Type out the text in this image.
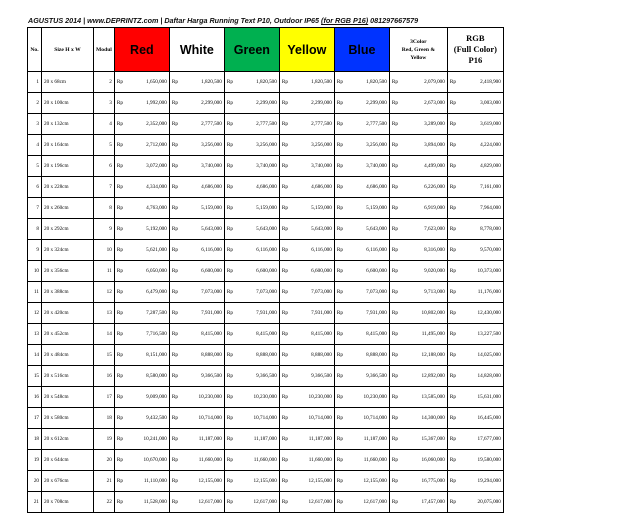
AGUSTUS 2014 | www.DEPRINTZ.com | Daftar Harga Running Text P10, Outdoor IP65 (for RGB P16) 081297667579
No.	Size H x W	Modul	Red		White		Green		Yellow		Blue		3Color
Red, Green &
Yellow		RGB
(Full Color) P16	
1	20 x 68cm	2	Rp	1,650,000	Rp	1,820,500	Rp	1,820,500	Rp	1,820,500	Rp	1,820,500	Rp	2,079,000	Rp	2,418,900
2	20 x 100cm	3	Rp	1,992,000	Rp	2,299,000	Rp	2,299,000	Rp	2,299,000	Rp	2,299,000	Rp	2,673,000	Rp	3,003,000
3	20 x 132cm	4	Rp	2,352,000	Rp	2,777,500	Rp	2,777,500	Rp	2,777,500	Rp	2,777,500	Rp	3,289,000	Rp	3,619,000
4	20 x 164cm	5	Rp	2,712,000	Rp	3,256,000	Rp	3,256,000	Rp	3,256,000	Rp	3,256,000	Rp	3,894,000	Rp	4,224,000
5	20 x 196cm	6	Rp	3,072,000	Rp	3,740,000	Rp	3,740,000	Rp	3,740,000	Rp	3,740,000	Rp	4,499,000	Rp	4,829,000
6	20 x 228cm	7	Rp	4,334,000	Rp	4,686,000	Rp	4,686,000	Rp	4,686,000	Rp	4,686,000	Rp	6,226,000	Rp	7,161,000
7	20 x 260cm	8	Rp	4,763,000	Rp	5,159,000	Rp	5,159,000	Rp	5,159,000	Rp	5,159,000	Rp	6,919,000	Rp	7,964,000
8	20 x 292cm	9	Rp	5,192,000	Rp	5,643,000	Rp	5,643,000	Rp	5,643,000	Rp	5,643,000	Rp	7,623,000	Rp	8,778,000
9	20 x 324cm	10	Rp	5,621,000	Rp	6,116,000	Rp	6,116,000	Rp	6,116,000	Rp	6,116,000	Rp	8,316,000	Rp	9,570,000
10	20 x 356cm	11	Rp	6,050,000	Rp	6,600,000	Rp	6,600,000	Rp	6,600,000	Rp	6,600,000	Rp	9,020,000	Rp	10,373,000
11	20 x 388cm	12	Rp	6,479,000	Rp	7,073,000	Rp	7,073,000	Rp	7,073,000	Rp	7,073,000	Rp	9,713,000	Rp	11,176,000
12	20 x 420cm	13	Rp	7,287,500	Rp	7,931,000	Rp	7,931,000	Rp	7,931,000	Rp	7,931,000	Rp	10,802,000	Rp	12,430,000
13	20 x 452cm	14	Rp	7,716,500	Rp	8,415,000	Rp	8,415,000	Rp	8,415,000	Rp	8,415,000	Rp	11,495,000	Rp	13,227,500
14	20 x 484cm	15	Rp	8,151,000	Rp	8,888,000	Rp	8,888,000	Rp	8,888,000	Rp	8,888,000	Rp	12,188,000	Rp	14,025,000
15	20 x 516cm	16	Rp	8,580,000	Rp	9,366,500	Rp	9,366,500	Rp	9,366,500	Rp	9,366,500	Rp	12,892,000	Rp	14,828,000
16	20 x 548cm	17	Rp	9,009,000	Rp	10,230,000	Rp	10,230,000	Rp	10,230,000	Rp	10,230,000	Rp	13,585,000	Rp	15,631,000
17	20 x 580cm	18	Rp	9,432,500	Rp	10,714,000	Rp	10,714,000	Rp	10,714,000	Rp	10,714,000	Rp	14,300,000	Rp	16,445,000
18	20 x 612cm	19	Rp	10,241,000	Rp	11,187,000	Rp	11,187,000	Rp	11,187,000	Rp	11,187,000	Rp	15,367,000	Rp	17,677,000
19	20 x 644cm	20	Rp	10,670,000	Rp	11,660,000	Rp	11,660,000	Rp	11,660,000	Rp	11,660,000	Rp	16,060,000	Rp	19,580,000
20	20 x 676cm	21	Rp	11,110,000	Rp	12,155,000	Rp	12,155,000	Rp	12,155,000	Rp	12,155,000	Rp	16,775,000	Rp	19,294,000
21	20 x 708cm	22	Rp	11,528,000	Rp	12,617,000	Rp	12,617,000	Rp	12,617,000	Rp	12,617,000	Rp	17,457,000	Rp	20,075,000
